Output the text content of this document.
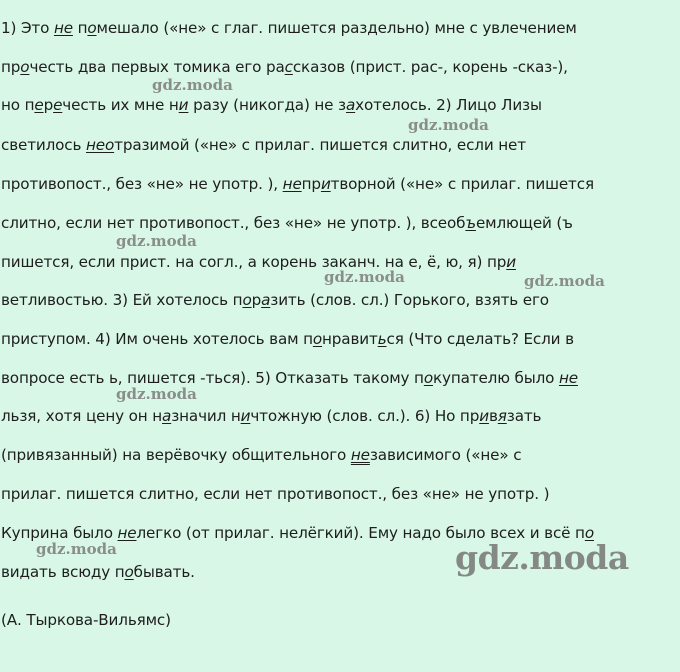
1) Это не помешало («не» с глаг. пишется раздельно) мне с увлечением
прочесть два первых томика его рассказов (прист. рас-, корень -сказ-),
но перечесть их мне ни разу (никогда) не захотелось. 2) Лицо Лизы
светилось неотразимой («не» с прилаг. пишется слитно, если нет
противопост., без «не» не употр. ), непритворной («не» с прилаг. пишется
слитно, если нет противопост., без «не» не употр. ), всеобъемлющей (ъ
пишется, если прист. на согл., а корень заканч. на е, ё, ю, я) при
ветливостью. 3) Ей хотелось поразить (слов. сл.) Горького, взять его
приступом. 4) Им очень хотелось вам понравиться (Что сделать? Если в
вопросе есть ь, пишется -ться). 5) Отказать такому покупателю было не
льзя, хотя цену он назначил ничтожную (слов. сл.). 6) Но привязать
(привязанный) на верёвочку общительного независимого («не» с
прилаг. пишется слитно, если нет противопост., без «не» не употр. )
Куприна было нелегко (от прилаг. нелёгкий). Ему надо было всех и всё по
видать всюду побывать.
(А. Тыркова-Вильямс)
gdz.moda
gdz.moda
gdz.moda
gdz.moda	gdz.moda
gdz.moda
gdz.moda	gdz.moda
